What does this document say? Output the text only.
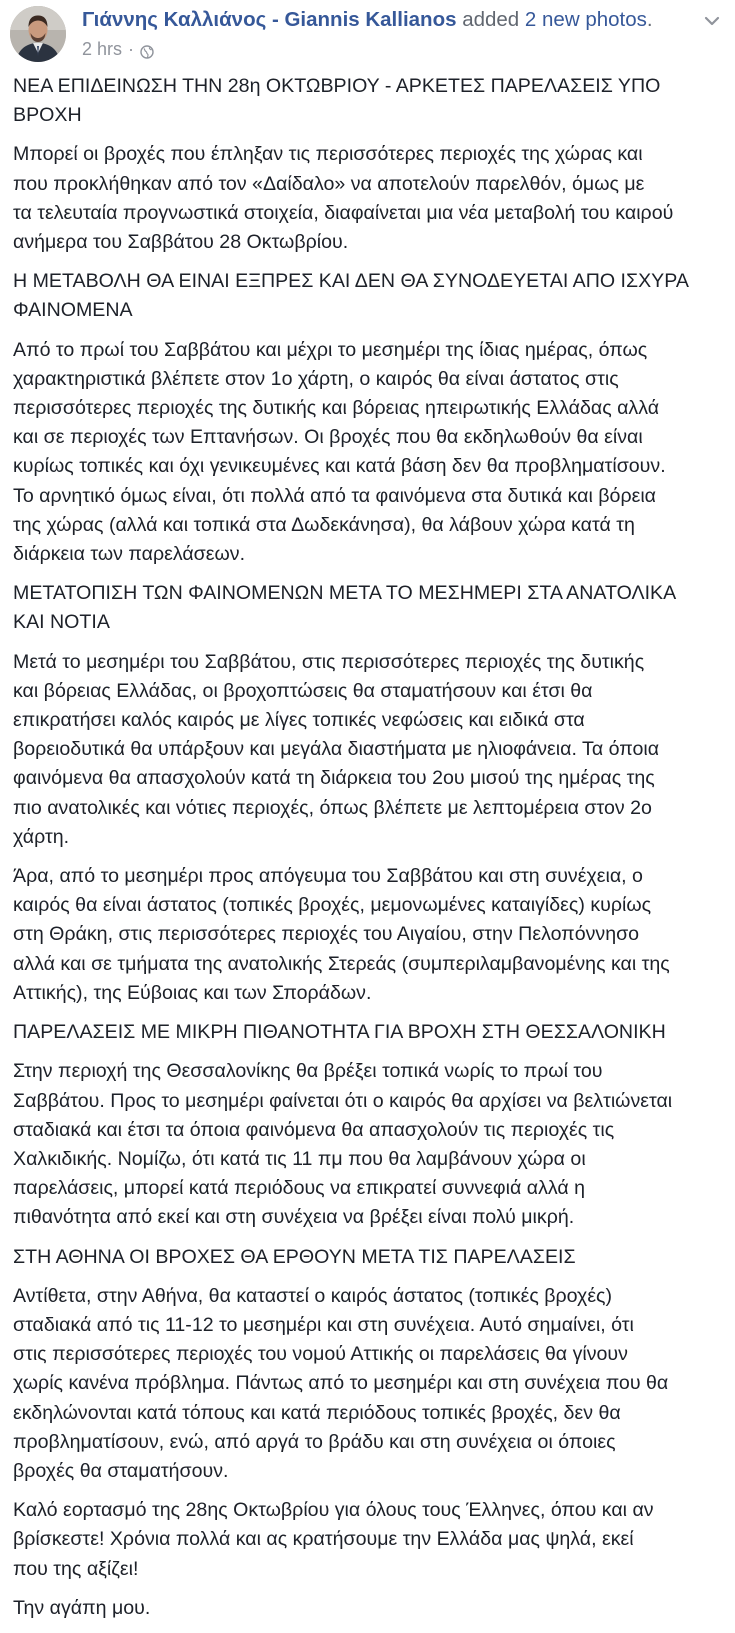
Γιάννης Καλλιάνος - Giannis Kallianos added 2 new photos.
2 hrs ·

ΝΕΑ ΕΠΙΔΕΙΝΩΣΗ ΤΗΝ 28η ΟΚΤΩΒΡΙΟΥ - ΑΡΚΕΤΕΣ ΠΑΡΕΛΑΣΕΙΣ ΥΠΟ
ΒΡΟΧΗ

Μπορεί οι βροχές που έπληξαν τις περισσότερες περιοχές της χώρας και
που προκλήθηκαν από τον «Δαίδαλο» να αποτελούν παρελθόν, όμως με
τα τελευταία προγνωστικά στοιχεία, διαφαίνεται μια νέα μεταβολή του καιρού
ανήμερα του Σαββάτου 28 Οκτωβρίου.

Η ΜΕΤΑΒΟΛΗ ΘΑ ΕΙΝΑΙ ΕΞΠΡΕΣ ΚΑΙ ΔΕΝ ΘΑ ΣΥΝΟΔΕΥΕΤΑΙ ΑΠΟ ΙΣΧΥΡΑ
ΦΑΙΝΟΜΕΝΑ

Από το πρωί του Σαββάτου και μέχρι το μεσημέρι της ίδιας ημέρας, όπως
χαρακτηριστικά βλέπετε στον 1ο χάρτη, ο καιρός θα είναι άστατος στις
περισσότερες περιοχές της δυτικής και βόρειας ηπειρωτικής Ελλάδας αλλά
και σε περιοχές των Επτανήσων. Οι βροχές που θα εκδηλωθούν θα είναι
κυρίως τοπικές και όχι γενικευμένες και κατά βάση δεν θα προβληματίσουν.
Το αρνητικό όμως είναι, ότι πολλά από τα φαινόμενα στα δυτικά και βόρεια
της χώρας (αλλά και τοπικά στα Δωδεκάνησα), θα λάβουν χώρα κατά τη
διάρκεια των παρελάσεων.

ΜΕΤΑΤΟΠΙΣΗ ΤΩΝ ΦΑΙΝΟΜΕΝΩΝ ΜΕΤΑ ΤΟ ΜΕΣΗΜΕΡΙ ΣΤΑ ΑΝΑΤΟΛΙΚΑ
ΚΑΙ ΝΟΤΙΑ

Μετά το μεσημέρι του Σαββάτου, στις περισσότερες περιοχές της δυτικής
και βόρειας Ελλάδας, οι βροχοπτώσεις θα σταματήσουν και έτσι θα
επικρατήσει καλός καιρός με λίγες τοπικές νεφώσεις και ειδικά στα
βορειοδυτικά θα υπάρξουν και μεγάλα διαστήματα με ηλιοφάνεια. Τα όποια
φαινόμενα θα απασχολούν κατά τη διάρκεια του 2ου μισού της ημέρας της
πιο ανατολικές και νότιες περιοχές, όπως βλέπετε με λεπτομέρεια στον 2ο
χάρτη.

Άρα, από το μεσημέρι προς απόγευμα του Σαββάτου και στη συνέχεια, ο
καιρός θα είναι άστατος (τοπικές βροχές, μεμονωμένες καταιγίδες) κυρίως
στη Θράκη, στις περισσότερες περιοχές του Αιγαίου, στην Πελοπόννησο
αλλά και σε τμήματα της ανατολικής Στερεάς (συμπεριλαμβανομένης και της
Αττικής), της Εύβοιας και των Σποράδων.

ΠΑΡΕΛΑΣΕΙΣ ΜΕ ΜΙΚΡΗ ΠΙΘΑΝΟΤΗΤΑ ΓΙΑ ΒΡΟΧΗ ΣΤΗ ΘΕΣΣΑΛΟΝΙΚΗ

Στην περιοχή της Θεσσαλονίκης θα βρέξει τοπικά νωρίς το πρωί του
Σαββάτου. Προς το μεσημέρι φαίνεται ότι ο καιρός θα αρχίσει να βελτιώνεται
σταδιακά και έτσι τα όποια φαινόμενα θα απασχολούν τις περιοχές τις
Χαλκιδικής. Νομίζω, ότι κατά τις 11 πμ που θα λαμβάνουν χώρα οι
παρελάσεις, μπορεί κατά περιόδους να επικρατεί συννεφιά αλλά η
πιθανότητα από εκεί και στη συνέχεια να βρέξει είναι πολύ μικρή.

ΣΤΗ ΑΘΗΝΑ ΟΙ ΒΡΟΧΕΣ ΘΑ ΕΡΘΟΥΝ ΜΕΤΑ ΤΙΣ ΠΑΡΕΛΑΣΕΙΣ

Αντίθετα, στην Αθήνα, θα καταστεί ο καιρός άστατος (τοπικές βροχές)
σταδιακά από τις 11-12 το μεσημέρι και στη συνέχεια. Αυτό σημαίνει, ότι
στις περισσότερες περιοχές του νομού Αττικής οι παρελάσεις θα γίνουν
χωρίς κανένα πρόβλημα. Πάντως από το μεσημέρι και στη συνέχεια που θα
εκδηλώνονται κατά τόπους και κατά περιόδους τοπικές βροχές, δεν θα
προβληματίσουν, ενώ, από αργά το βράδυ και στη συνέχεια οι όποιες
βροχές θα σταματήσουν.

Καλό εορτασμό της 28ης Οκτωβρίου για όλους τους Έλληνες, όπου και αν
βρίσκεστε! Χρόνια πολλά και ας κρατήσουμε την Ελλάδα μας ψηλά, εκεί
που της αξίζει!

Την αγάπη μου.
